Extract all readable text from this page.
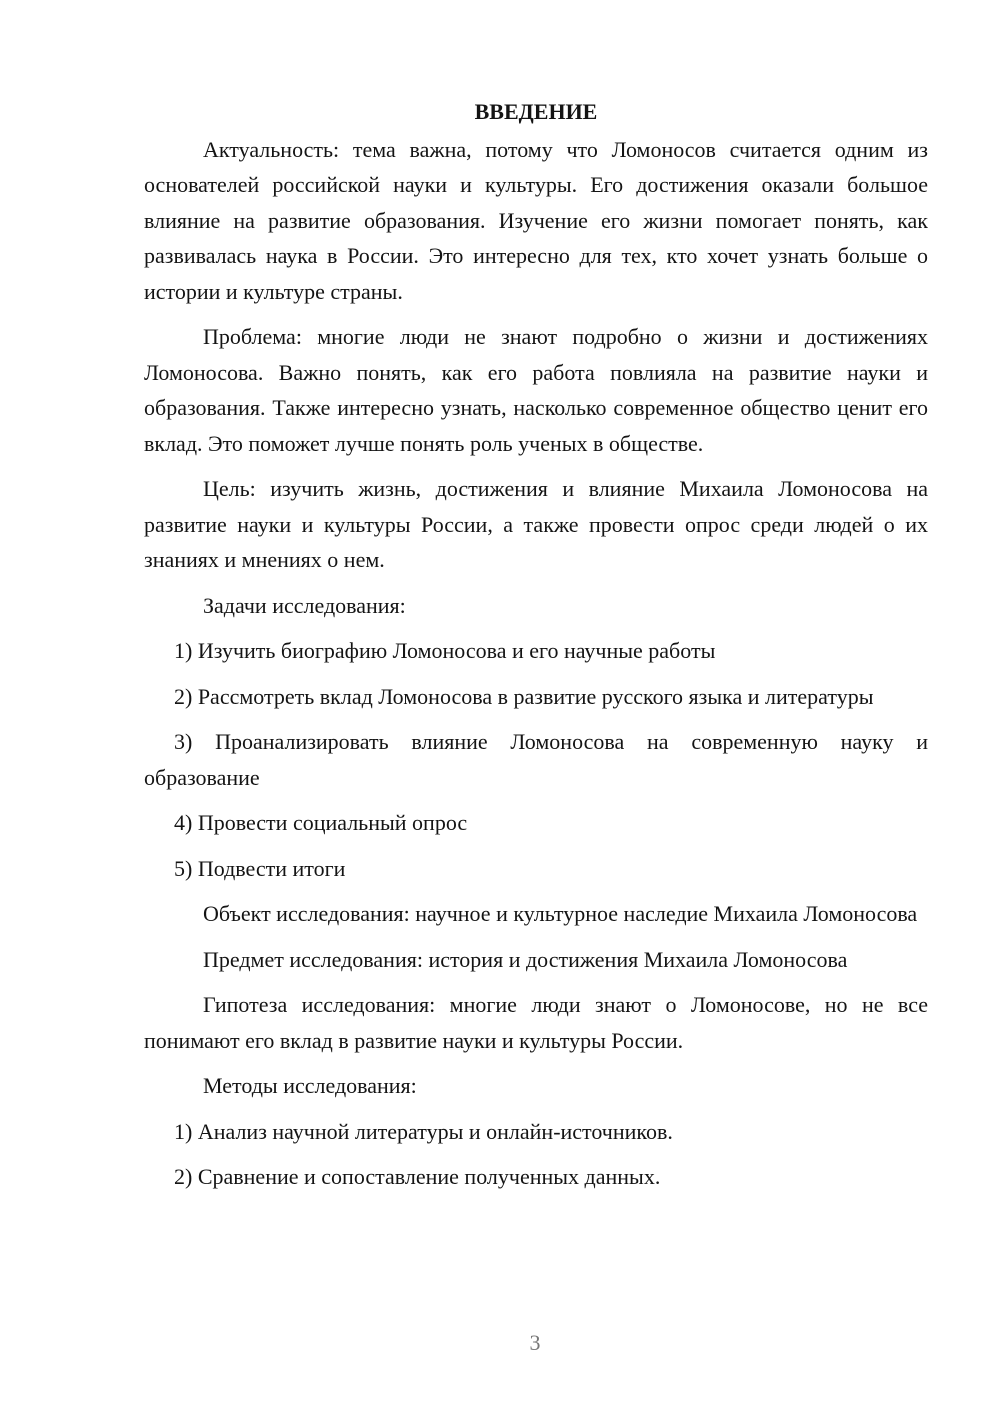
ВВЕДЕНИЕ

Актуальность: тема важна, потому что Ломоносов считается одним из основателей российской науки и культуры. Его достижения оказали большое влияние на развитие образования. Изучение его жизни помогает понять, как развивалась наука в России. Это интересно для тех, кто хочет узнать больше о истории и культуре страны.

Проблема: многие люди не знают подробно о жизни и достижениях Ломоносова. Важно понять, как его работа повлияла на развитие науки и образования. Также интересно узнать, насколько современное общество ценит его вклад. Это поможет лучше понять роль ученых в обществе.

Цель: изучить жизнь, достижения и влияние Михаила Ломоносова на развитие науки и культуры России, а также провести опрос среди людей о их знаниях и мнениях о нем.

Задачи исследования:

1) Изучить биографию Ломоносова и его научные работы

2) Рассмотреть вклад Ломоносова в развитие русского языка и литературы

3) Проанализировать влияние Ломоносова на современную науку и образование

4) Провести социальный опрос

5) Подвести итоги

Объект исследования: научное и культурное наследие Михаила Ломоносова

Предмет исследования: история и достижения Михаила Ломоносова

Гипотеза исследования: многие люди знают о Ломоносове, но не все понимают его вклад в развитие науки и культуры России.

Методы исследования:

1) Анализ научной литературы и онлайн-источников.

2) Сравнение и сопоставление полученных данных.

3
